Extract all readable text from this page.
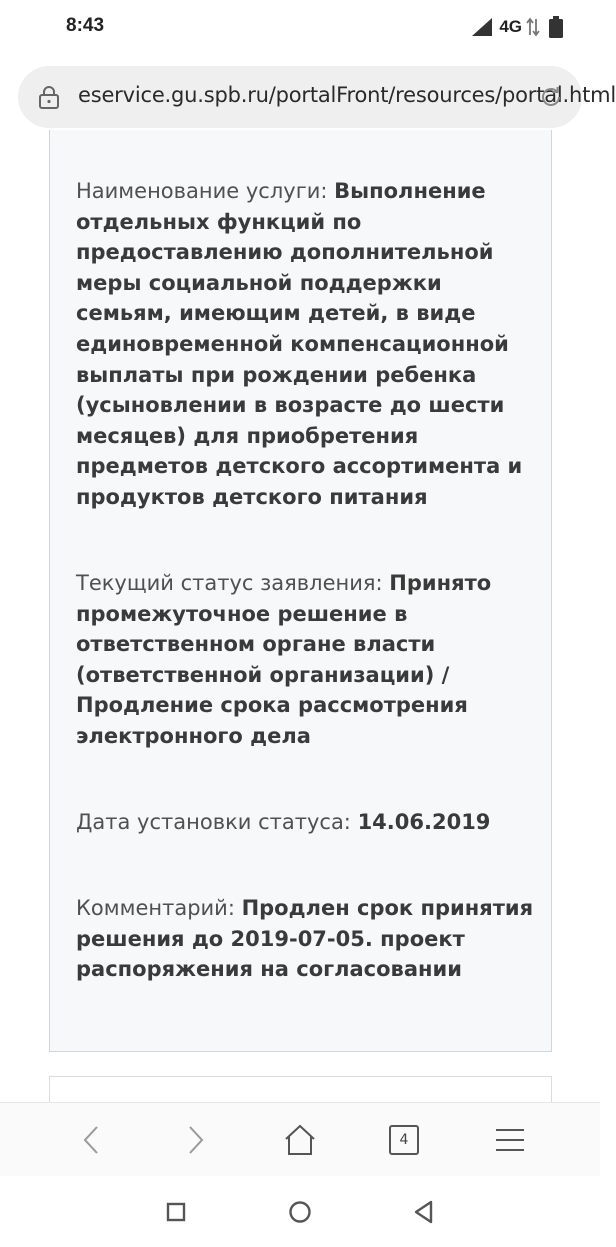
8:43	4G
eservice.gu.spb.ru/portalFront/resources/portal.html
Наименование услуги: Выполнение отдельных функций по предоставлению дополнительной меры социальной поддержки семьям, имеющим детей, в виде единовременной компенсационной выплаты при рождении ребенка (усыновлении в возрасте до шести месяцев) для приобретения предметов детского ассортимента и продуктов детского питания
Текущий статус заявления: Принято промежуточное решение в ответственном органе власти (ответственной организации) / Продление срока рассмотрения электронного дела
Дата установки статуса: 14.06.2019
Комментарий: Продлен срок принятия решения до 2019-07-05. проект распоряжения на согласовании
4
